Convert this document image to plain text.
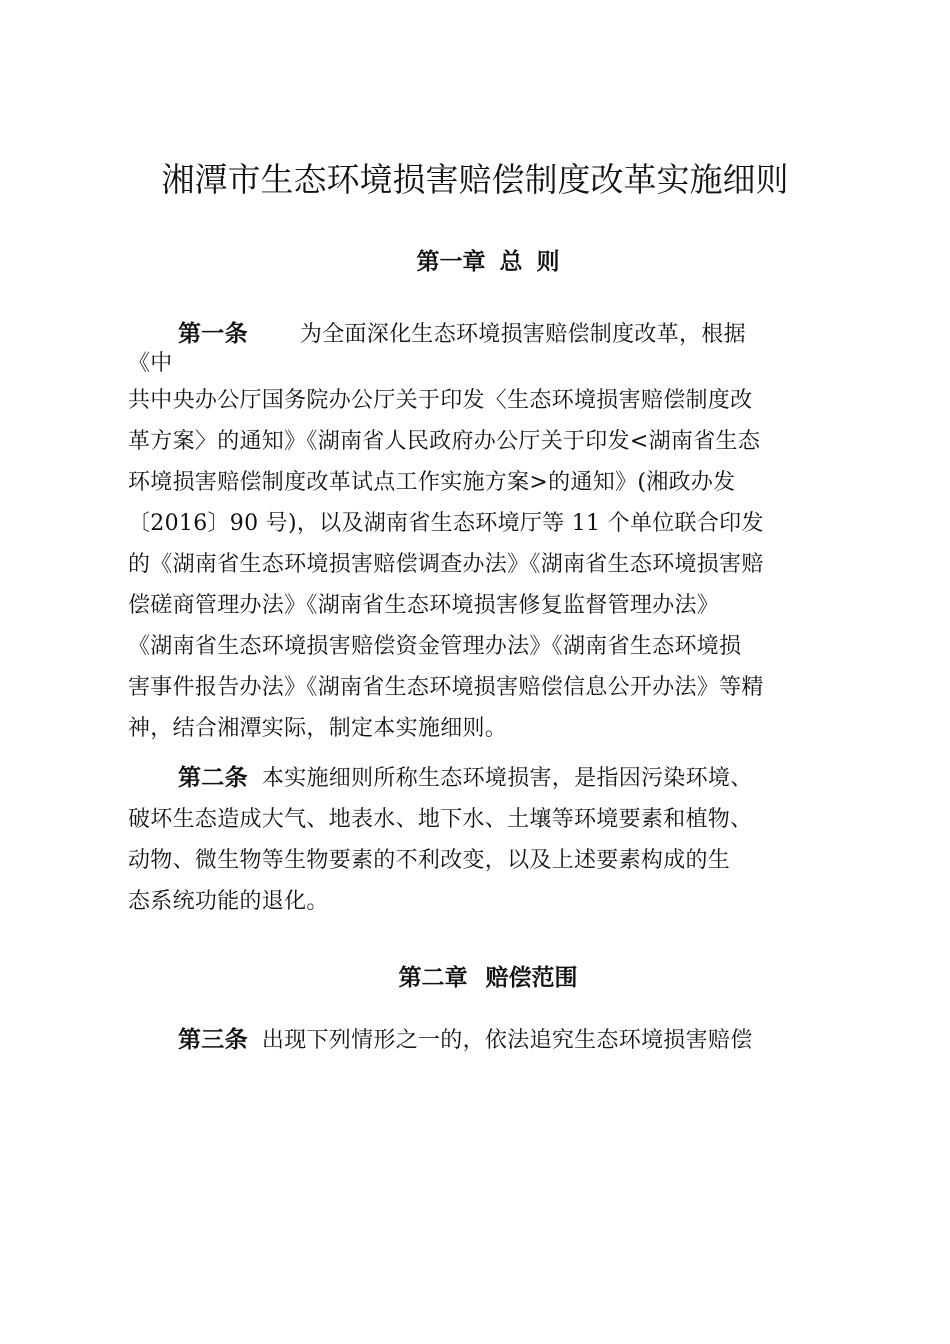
湘潭市生态环境损害赔偿制度改革实施细则
第一章 总 则
第一条 为全面深化生态环境损害赔偿制度改革，根据
《中
共中央办公厅国务院办公厅关于印发〈生态环境损害赔偿制度改
革方案〉的通知》《湖南省人民政府办公厅关于印发<湖南省生态
环境损害赔偿制度改革试点工作实施方案>的通知》(湘政办发
〔2016〕90 号)，以及湖南省生态环境厅等 11 个单位联合印发
的《湖南省生态环境损害赔偿调查办法》《湖南省生态环境损害赔
偿磋商管理办法》《湖南省生态环境损害修复监督管理办法》
《湖南省生态环境损害赔偿资金管理办法》《湖南省生态环境损
害事件报告办法》《湖南省生态环境损害赔偿信息公开办法》等精
神，结合湘潭实际，制定本实施细则。
第二条 本实施细则所称生态环境损害，是指因污染环境、
破坏生态造成大气、地表水、地下水、土壤等环境要素和植物、
动物、微生物等生物要素的不利改变，以及上述要素构成的生
态系统功能的退化。
第二章 赔偿范围
第三条 出现下列情形之一的，依法追究生态环境损害赔偿
